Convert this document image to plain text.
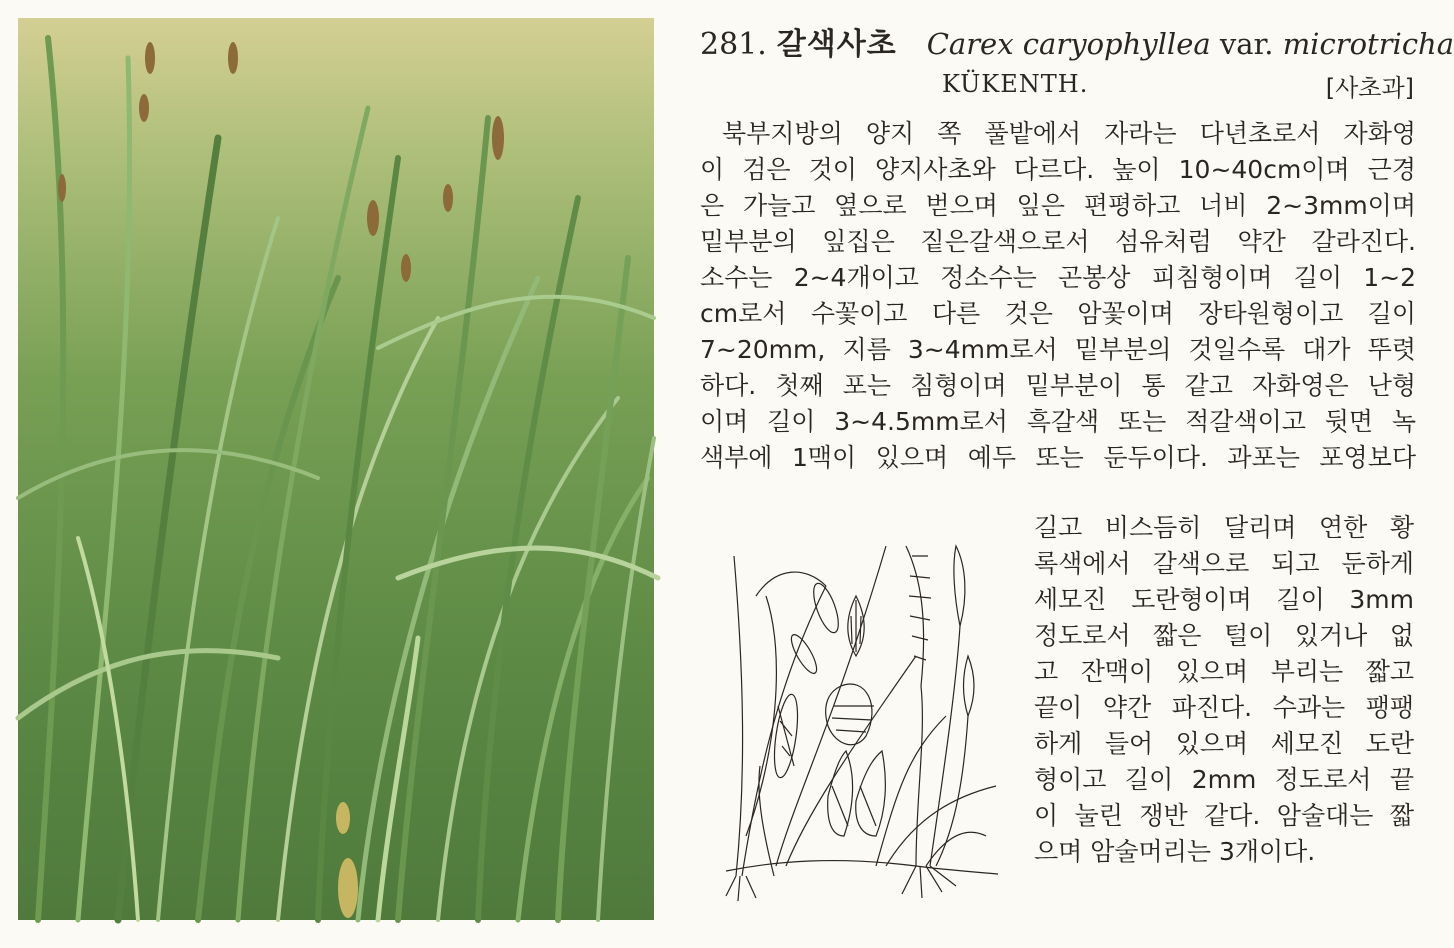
281. 갈색사초 Carex caryophyllea var. microtricha
KÜKENTH.	[사초과]
북부지방의 양지 쪽 풀밭에서 자라는 다년초로서 자화영
이 검은 것이 양지사초와 다르다. 높이 10~40cm이며 근경
은 가늘고 옆으로 벋으며 잎은 편평하고 너비 2~3mm이며
밑부분의 잎집은 짙은갈색으로서 섬유처럼 약간 갈라진다.
소수는 2~4개이고 정소수는 곤봉상 피침형이며 길이 1~2
cm로서 수꽃이고 다른 것은 암꽃이며 장타원형이고 길이
7~20mm, 지름 3~4mm로서 밑부분의 것일수록 대가 뚜렷
하다. 첫째 포는 침형이며 밑부분이 통 같고 자화영은 난형
이며 길이 3~4.5mm로서 흑갈색 또는 적갈색이고 뒷면 녹
색부에 1맥이 있으며 예두 또는 둔두이다. 과포는 포영보다
길고 비스듬히 달리며 연한 황
록색에서 갈색으로 되고 둔하게
세모진 도란형이며 길이 3mm
정도로서 짧은 털이 있거나 없
고 잔맥이 있으며 부리는 짧고
끝이 약간 파진다. 수과는 팽팽
하게 들어 있으며 세모진 도란
형이고 길이 2mm 정도로서 끝
이 눌린 쟁반 같다. 암술대는 짧
으며 암술머리는 3개이다.
